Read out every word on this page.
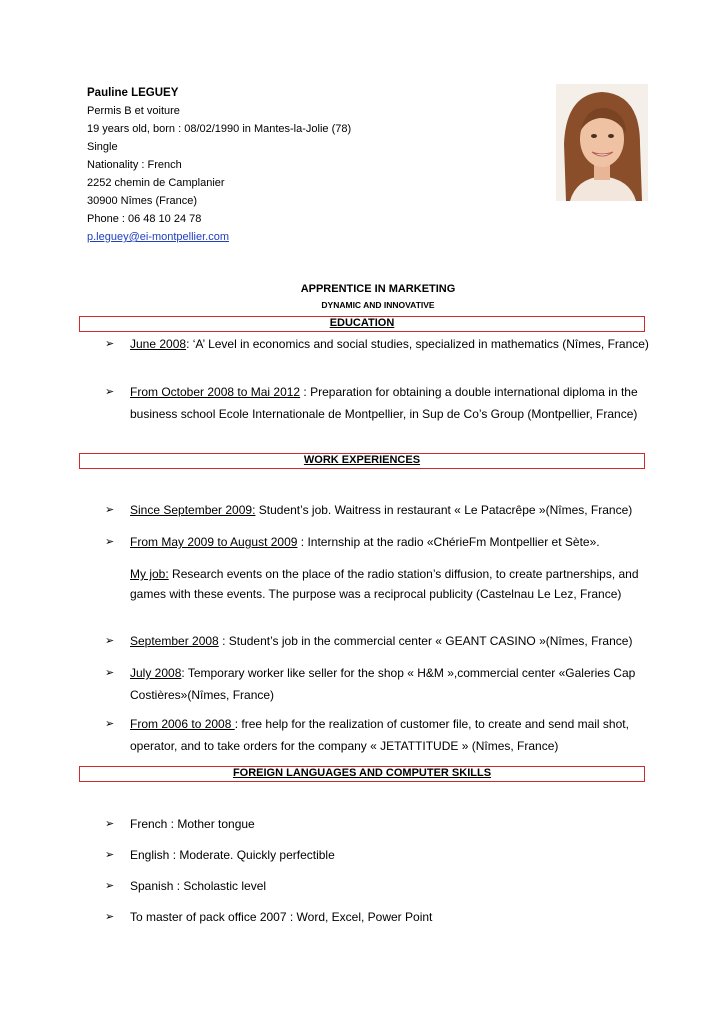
Pauline LEGUEY
Permis B et voiture
19 years old, born : 08/02/1990 in Mantes-la-Jolie (78)
Single
Nationality : French
2252 chemin de Camplanier
30900 Nîmes (France)
Phone : 06 48 10 24 78
p.leguey@ei-montpellier.com
APPRENTICE IN MARKETING
DYNAMIC AND INNOVATIVE
EDUCATION
➢	June 2008: ‘A’ Level in economics and social studies, specialized in mathematics (Nîmes, France)
➢	From October 2008 to Mai 2012 : Preparation for obtaining a double international diploma in the business school Ecole Internationale de Montpellier, in Sup de Co’s Group (Montpellier, France)
WORK EXPERIENCES
➢	Since September 2009: Student’s job. Waitress in restaurant « Le Patacrêpe »(Nîmes, France)
➢	From May 2009 to August 2009 : Internship at the radio «ChérieFm Montpellier et Sète».
My job: Research events on the place of the radio station’s diffusion, to create partnerships, and games with these events. The purpose was a reciprocal publicity (Castelnau Le Lez, France)
➢	September 2008 : Student’s job in the commercial center « GEANT CASINO »(Nîmes, France)
➢	July 2008: Temporary worker like seller for the shop « H&M »,commercial center «Galeries Cap Costières»(Nîmes, France)
➢	From 2006 to 2008 : free help for the realization of customer file, to create and send mail shot, operator, and to take orders for the company « JETATTITUDE » (Nîmes, France)
FOREIGN LANGUAGES AND COMPUTER SKILLS
➢	French : Mother tongue
➢	English : Moderate. Quickly perfectible
➢	Spanish : Scholastic level
➢	To master of pack office 2007 : Word, Excel, Power Point
